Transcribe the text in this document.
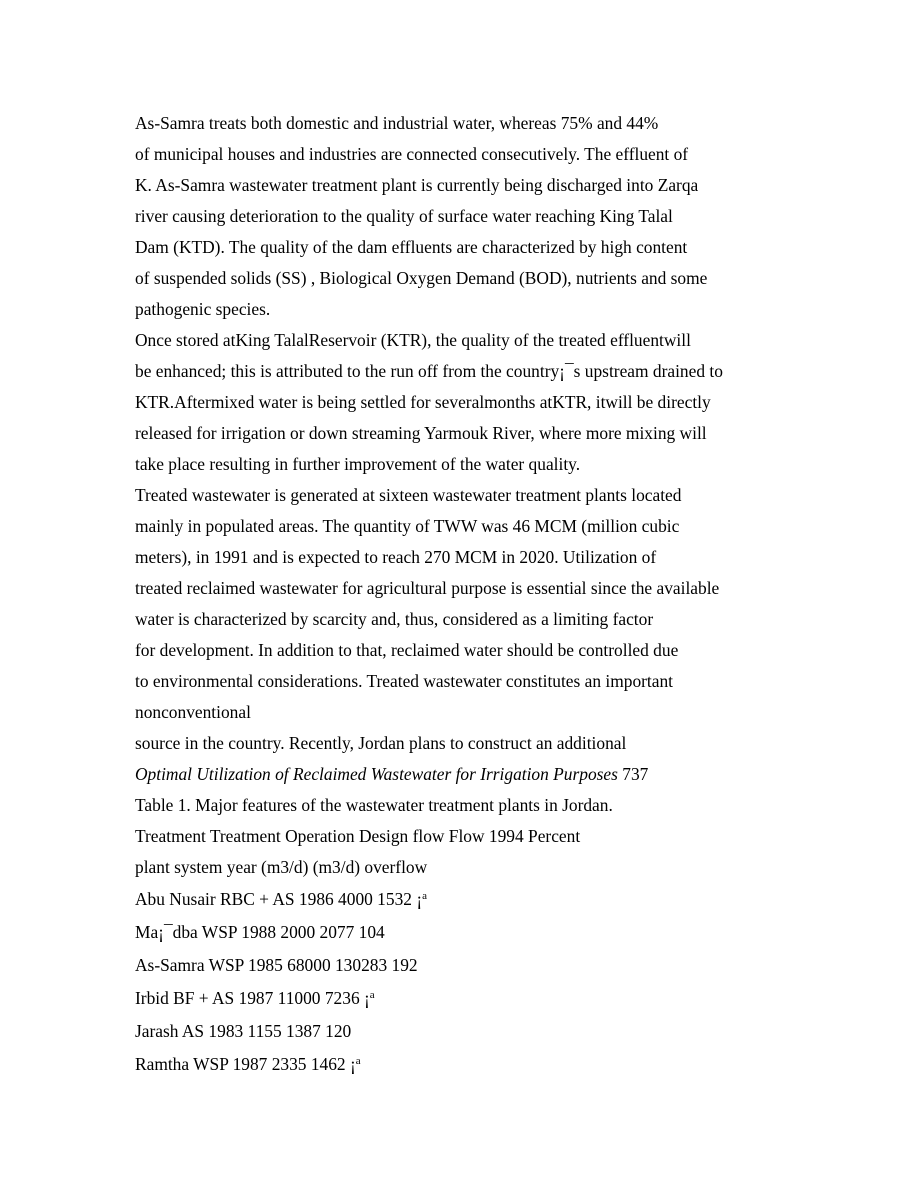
As-Samra treats both domestic and industrial water, whereas 75% and 44%
of municipal houses and industries are connected consecutively. The effluent of
K. As-Samra wastewater treatment plant is currently being discharged into Zarqa
river causing deterioration to the quality of surface water reaching King Talal
Dam (KTD). The quality of the dam effluents are characterized by high content
of suspended solids (SS) , Biological Oxygen Demand (BOD), nutrients and some
pathogenic species.
Once stored atKing TalalReservoir (KTR), the quality of the treated effluentwill
be enhanced; this is attributed to the run off from the country¡¯s upstream drained to
KTR.Aftermixed water is being settled for severalmonths atKTR, itwill be directly
released for irrigation or down streaming Yarmouk River, where more mixing will
take place resulting in further improvement of the water quality.
Treated wastewater is generated at sixteen wastewater treatment plants located
mainly in populated areas. The quantity of TWW was 46 MCM (million cubic
meters), in 1991 and is expected to reach 270 MCM in 2020. Utilization of
treated reclaimed wastewater for agricultural purpose is essential since the available
water is characterized by scarcity and, thus, considered as a limiting factor
for development. In addition to that, reclaimed water should be controlled due
to environmental considerations. Treated wastewater constitutes an important
nonconventional
source in the country. Recently, Jordan plans to construct an additional
Optimal Utilization of Reclaimed Wastewater for Irrigation Purposes 737
Table 1. Major features of the wastewater treatment plants in Jordan.
Treatment Treatment Operation Design flow Flow 1994 Percent
plant system year (m3/d) (m3/d) overflow
Abu Nusair RBC + AS 1986 4000 1532 ¡$^a$
Ma¡¯dba WSP 1988 2000 2077 104
As-Samra WSP 1985 68000 130283 192
Irbid BF + AS 1987 11000 7236 ¡$^a$
Jarash AS 1983 1155 1387 120
Ramtha WSP 1987 2335 1462 ¡$^a$
